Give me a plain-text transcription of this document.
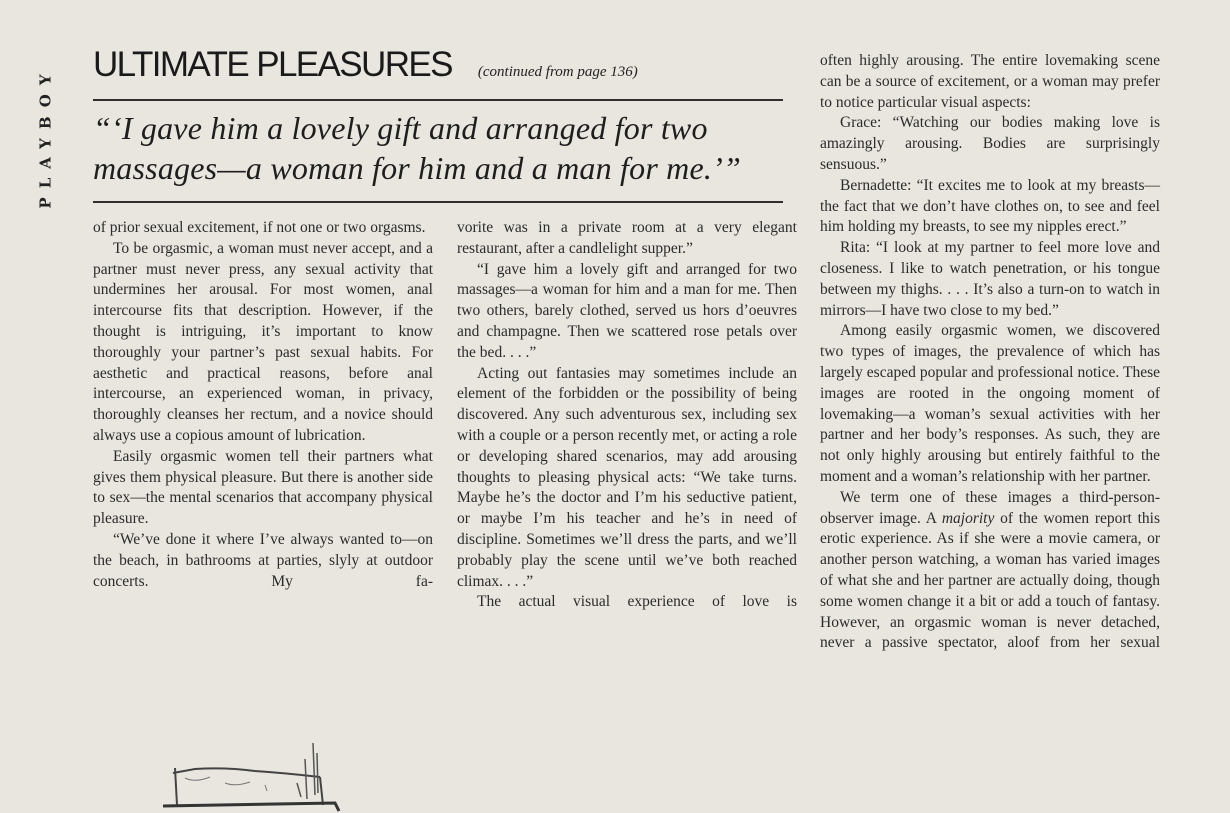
PLAYBOY
ULTIMATE PLEASURES (continued from page 136)
“‘I gave him a lovely gift and arranged for two
massages—a woman for him and a man for me.’”

of prior sexual excitement, if not one or two orgasms.

To be orgasmic, a woman must never accept, and a partner must never press, any sexual activity that undermines her arousal. For most women, anal intercourse fits that description. However, if the thought is intriguing, it’s important to know thoroughly your partner’s past sexual habits. For aesthetic and practical reasons, before anal intercourse, an experienced woman, in privacy, thoroughly cleanses her rectum, and a novice should always use a copious amount of lubrication.

Easily orgasmic women tell their partners what gives them physical pleasure. But there is another side to sex—the mental scenarios that accompany physical pleasure.

“We’ve done it where I’ve always wanted to—on the beach, in bathrooms at parties, slyly at outdoor concerts. My fa-

vorite was in a private room at a very elegant restaurant, after a candlelight supper.”

“I gave him a lovely gift and arranged for two massages—a woman for him and a man for me. Then two others, barely clothed, served us hors d’oeuvres and champagne. Then we scattered rose petals over the bed. . . .”

Acting out fantasies may sometimes include an element of the forbidden or the possibility of being discovered. Any such adventurous sex, including sex with a couple or a person recently met, or acting a role or developing shared scenarios, may add arousing thoughts to pleasing physical acts: “We take turns. Maybe he’s the doctor and I’m his seductive patient, or maybe I’m his teacher and he’s in need of discipline. Sometimes we’ll dress the parts, and we’ll probably play the scene until we’ve both reached climax. . . .”

The actual visual experience of love is

often highly arousing. The entire lovemaking scene can be a source of excitement, or a woman may prefer to notice particular visual aspects:

Grace: “Watching our bodies making love is amazingly arousing. Bodies are surprisingly sensuous.”

Bernadette: “It excites me to look at my breasts—the fact that we don’t have clothes on, to see and feel him holding my breasts, to see my nipples erect.”

Rita: “I look at my partner to feel more love and closeness. I like to watch penetration, or his tongue between my thighs. . . . It’s also a turn-on to watch in mirrors—I have two close to my bed.”

Among easily orgasmic women, we discovered two types of images, the prevalence of which has largely escaped popular and professional notice. These images are rooted in the ongoing moment of lovemaking—a woman’s sexual activities with her partner and her body’s responses. As such, they are not only highly arousing but entirely faithful to the moment and a woman’s relationship with her partner.

We term one of these images a third-person-observer image. A majority of the women report this erotic experience. As if she were a movie camera, or another person watching, a woman has varied images of what she and her partner are actually doing, though some women change it a bit or add a touch of fantasy. However, an orgasmic woman is never detached, never a passive spectator, aloof from her sexual
